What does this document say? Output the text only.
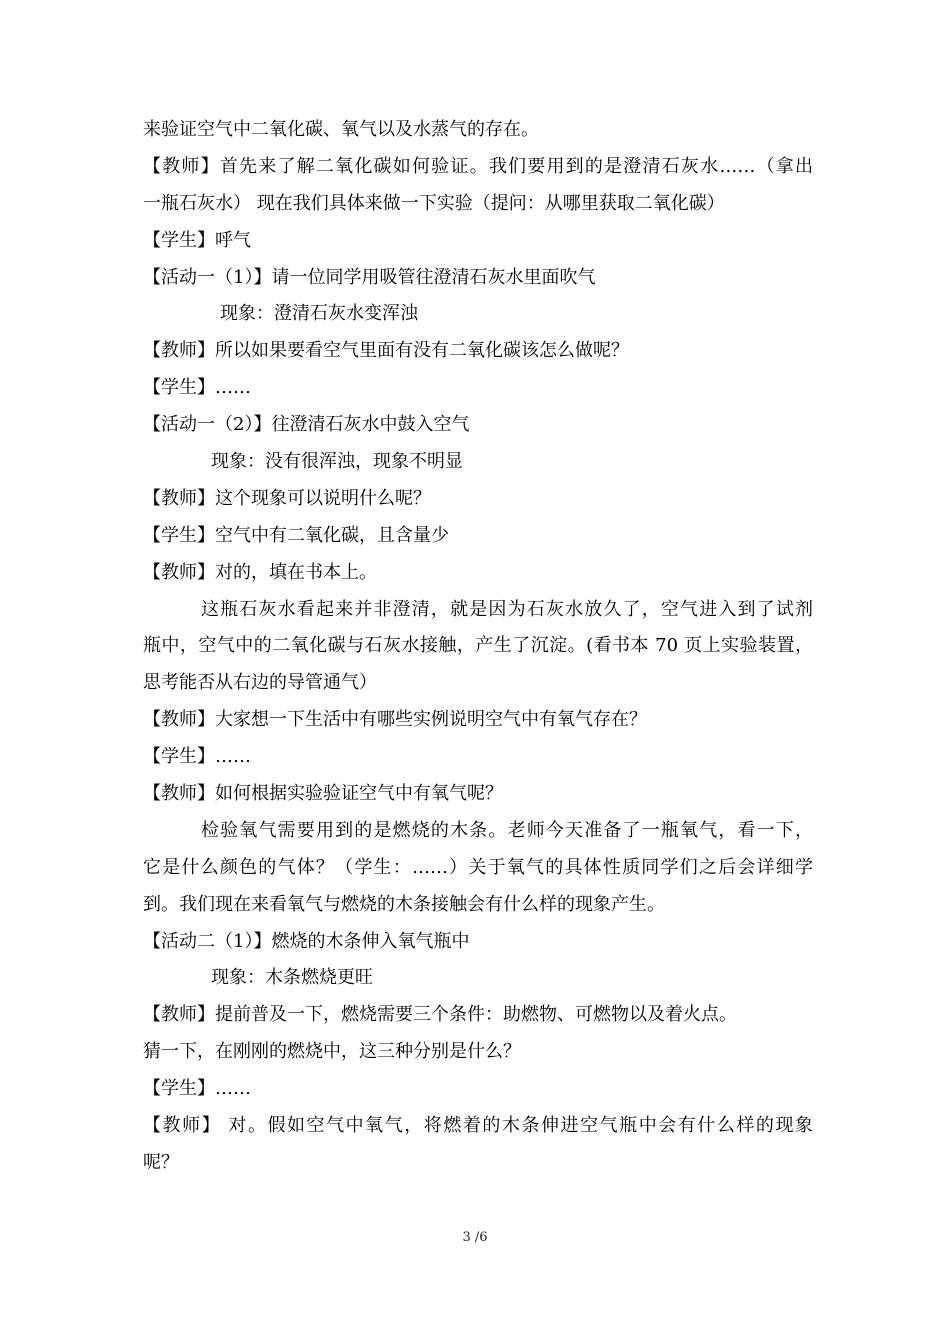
来验证空气中二氧化碳、氧气以及水蒸气的存在。
【教师】首先来了解二氧化碳如何验证。我们要用到的是澄清石灰水……（拿出
一瓶石灰水） 现在我们具体来做一下实验（提问：从哪里获取二氧化碳）
【学生】呼气
【活动一（1）】请一位同学用吸管往澄清石灰水里面吹气
现象：澄清石灰水变浑浊
【教师】所以如果要看空气里面有没有二氧化碳该怎么做呢？
【学生】……
【活动一（2）】往澄清石灰水中鼓入空气
现象：没有很浑浊，现象不明显
【教师】这个现象可以说明什么呢？
【学生】空气中有二氧化碳，且含量少
【教师】对的，填在书本上。
这瓶石灰水看起来并非澄清，就是因为石灰水放久了，空气进入到了试剂
瓶中，空气中的二氧化碳与石灰水接触，产生了沉淀。(看书本 70 页上实验装置，
思考能否从右边的导管通气）
【教师】大家想一下生活中有哪些实例说明空气中有氧气存在？
【学生】……
【教师】如何根据实验验证空气中有氧气呢？
检验氧气需要用到的是燃烧的木条。老师今天准备了一瓶氧气，看一下，
它是什么颜色的气体？（学生：……）关于氧气的具体性质同学们之后会详细学
到。我们现在来看氧气与燃烧的木条接触会有什么样的现象产生。
【活动二（1）】燃烧的木条伸入氧气瓶中
现象：木条燃烧更旺
【教师】提前普及一下，燃烧需要三个条件：助燃物、可燃物以及着火点。
猜一下，在刚刚的燃烧中，这三种分别是什么？
【学生】……
【教师】 对。假如空气中氧气，将燃着的木条伸进空气瓶中会有什么样的现象
呢？
3 /6
